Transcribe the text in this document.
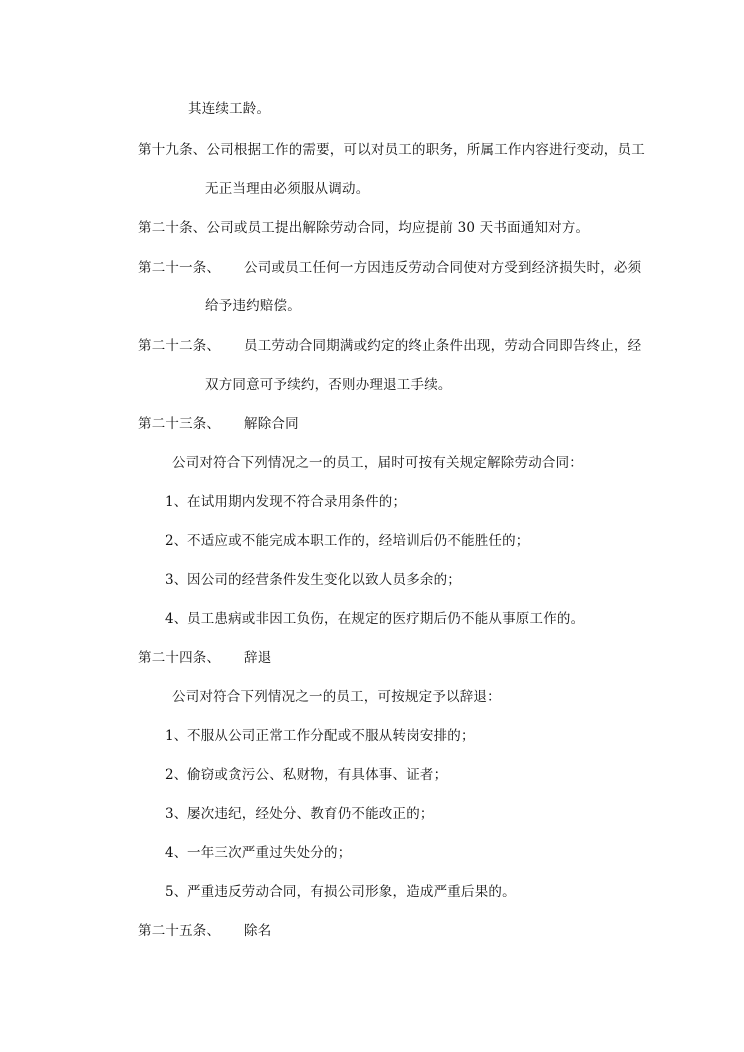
其连续工龄。
第十九条、公司根据工作的需要，可以对员工的职务，所属工作内容进行变动，员工
无正当理由必须服从调动。
第二十条、公司或员工提出解除劳动合同，均应提前 30 天书面通知对方。
第二十一条、 公司或员工任何一方因违反劳动合同使对方受到经济损失时，必须
给予违约赔偿。
第二十二条、 员工劳动合同期满或约定的终止条件出现，劳动合同即告终止，经
双方同意可予续约，否则办理退工手续。
第二十三条、 解除合同
公司对符合下列情况之一的员工，届时可按有关规定解除劳动合同：
1、在试用期内发现不符合录用条件的；
2、不适应或不能完成本职工作的，经培训后仍不能胜任的；
3、因公司的经营条件发生变化以致人员多余的；
4、员工患病或非因工负伤，在规定的医疗期后仍不能从事原工作的。
第二十四条、 辞退
公司对符合下列情况之一的员工，可按规定予以辞退：
1、不服从公司正常工作分配或不服从转岗安排的；
2、偷窃或贪污公、私财物，有具体事、证者；
3、屡次违纪，经处分、教育仍不能改正的；
4、一年三次严重过失处分的；
5、严重违反劳动合同，有损公司形象，造成严重后果的。
第二十五条、 除名
